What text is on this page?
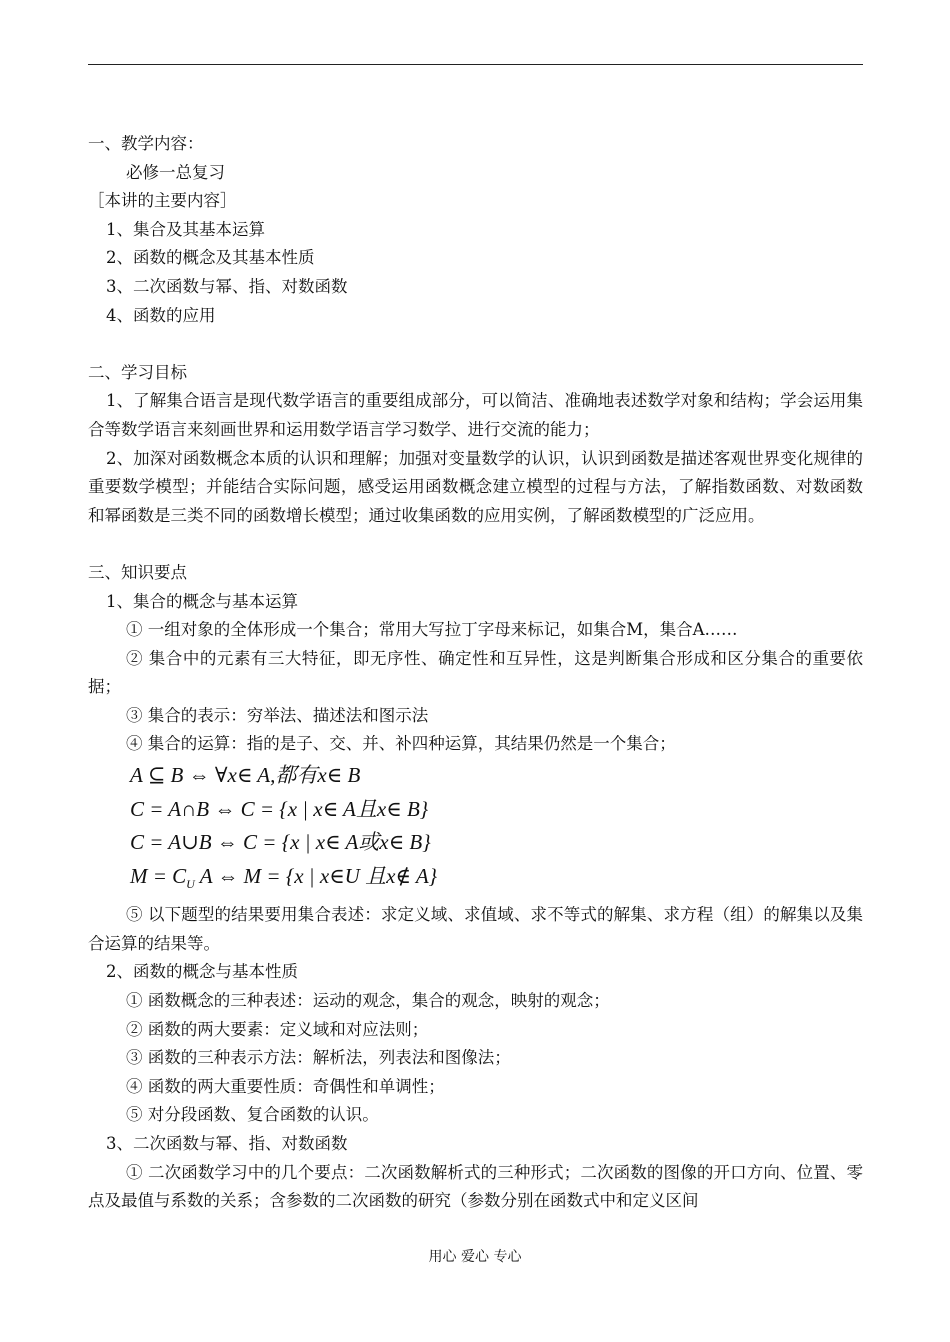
一、教学内容：
必修一总复习
［本讲的主要内容］
1、集合及其基本运算
2、函数的概念及其基本性质
3、二次函数与幂、指、对数函数
4、函数的应用
二、学习目标
1、了解集合语言是现代数学语言的重要组成部分，可以简洁、准确地表述数学对象和结构；学会运用集合等数学语言来刻画世界和运用数学语言学习数学、进行交流的能力；
2、加深对函数概念本质的认识和理解；加强对变量数学的认识，认识到函数是描述客观世界变化规律的重要数学模型；并能结合实际问题，感受运用函数概念建立模型的过程与方法，了解指数函数、对数函数和幂函数是三类不同的函数增长模型；通过收集函数的应用实例，了解函数模型的广泛应用。
三、知识要点
1、集合的概念与基本运算
① 一组对象的全体形成一个集合；常用大写拉丁字母来标记，如集合M，集合A……
② 集合中的元素有三大特征，即无序性、确定性和互异性，这是判断集合形成和区分集合的重要依据；
③ 集合的表示：穷举法、描述法和图示法
④ 集合的运算：指的是子、交、并、补四种运算，其结果仍然是一个集合；
A ⊆ B ⇔ ∀x∈ A,都有x∈ B
C = A∩B ⇔ C = {x | x∈ A且x∈ B}
C = A∪B ⇔ C = {x | x∈ A或x∈ B}
$M = C_U$ A ⇔ M = {x | x∈U 且x∉ A}
⑤ 以下题型的结果要用集合表述：求定义域、求值域、求不等式的解集、求方程（组）的解集以及集合运算的结果等。
2、函数的概念与基本性质
① 函数概念的三种表述：运动的观念，集合的观念，映射的观念；
② 函数的两大要素：定义域和对应法则；
③ 函数的三种表示方法：解析法，列表法和图像法；
④ 函数的两大重要性质：奇偶性和单调性；
⑤ 对分段函数、复合函数的认识。
3、二次函数与幂、指、对数函数
① 二次函数学习中的几个要点：二次函数解析式的三种形式；二次函数的图像的开口方向、位置、零点及最值与系数的关系；含参数的二次函数的研究（参数分别在函数式中和定义区间
用心 爱心 专心
